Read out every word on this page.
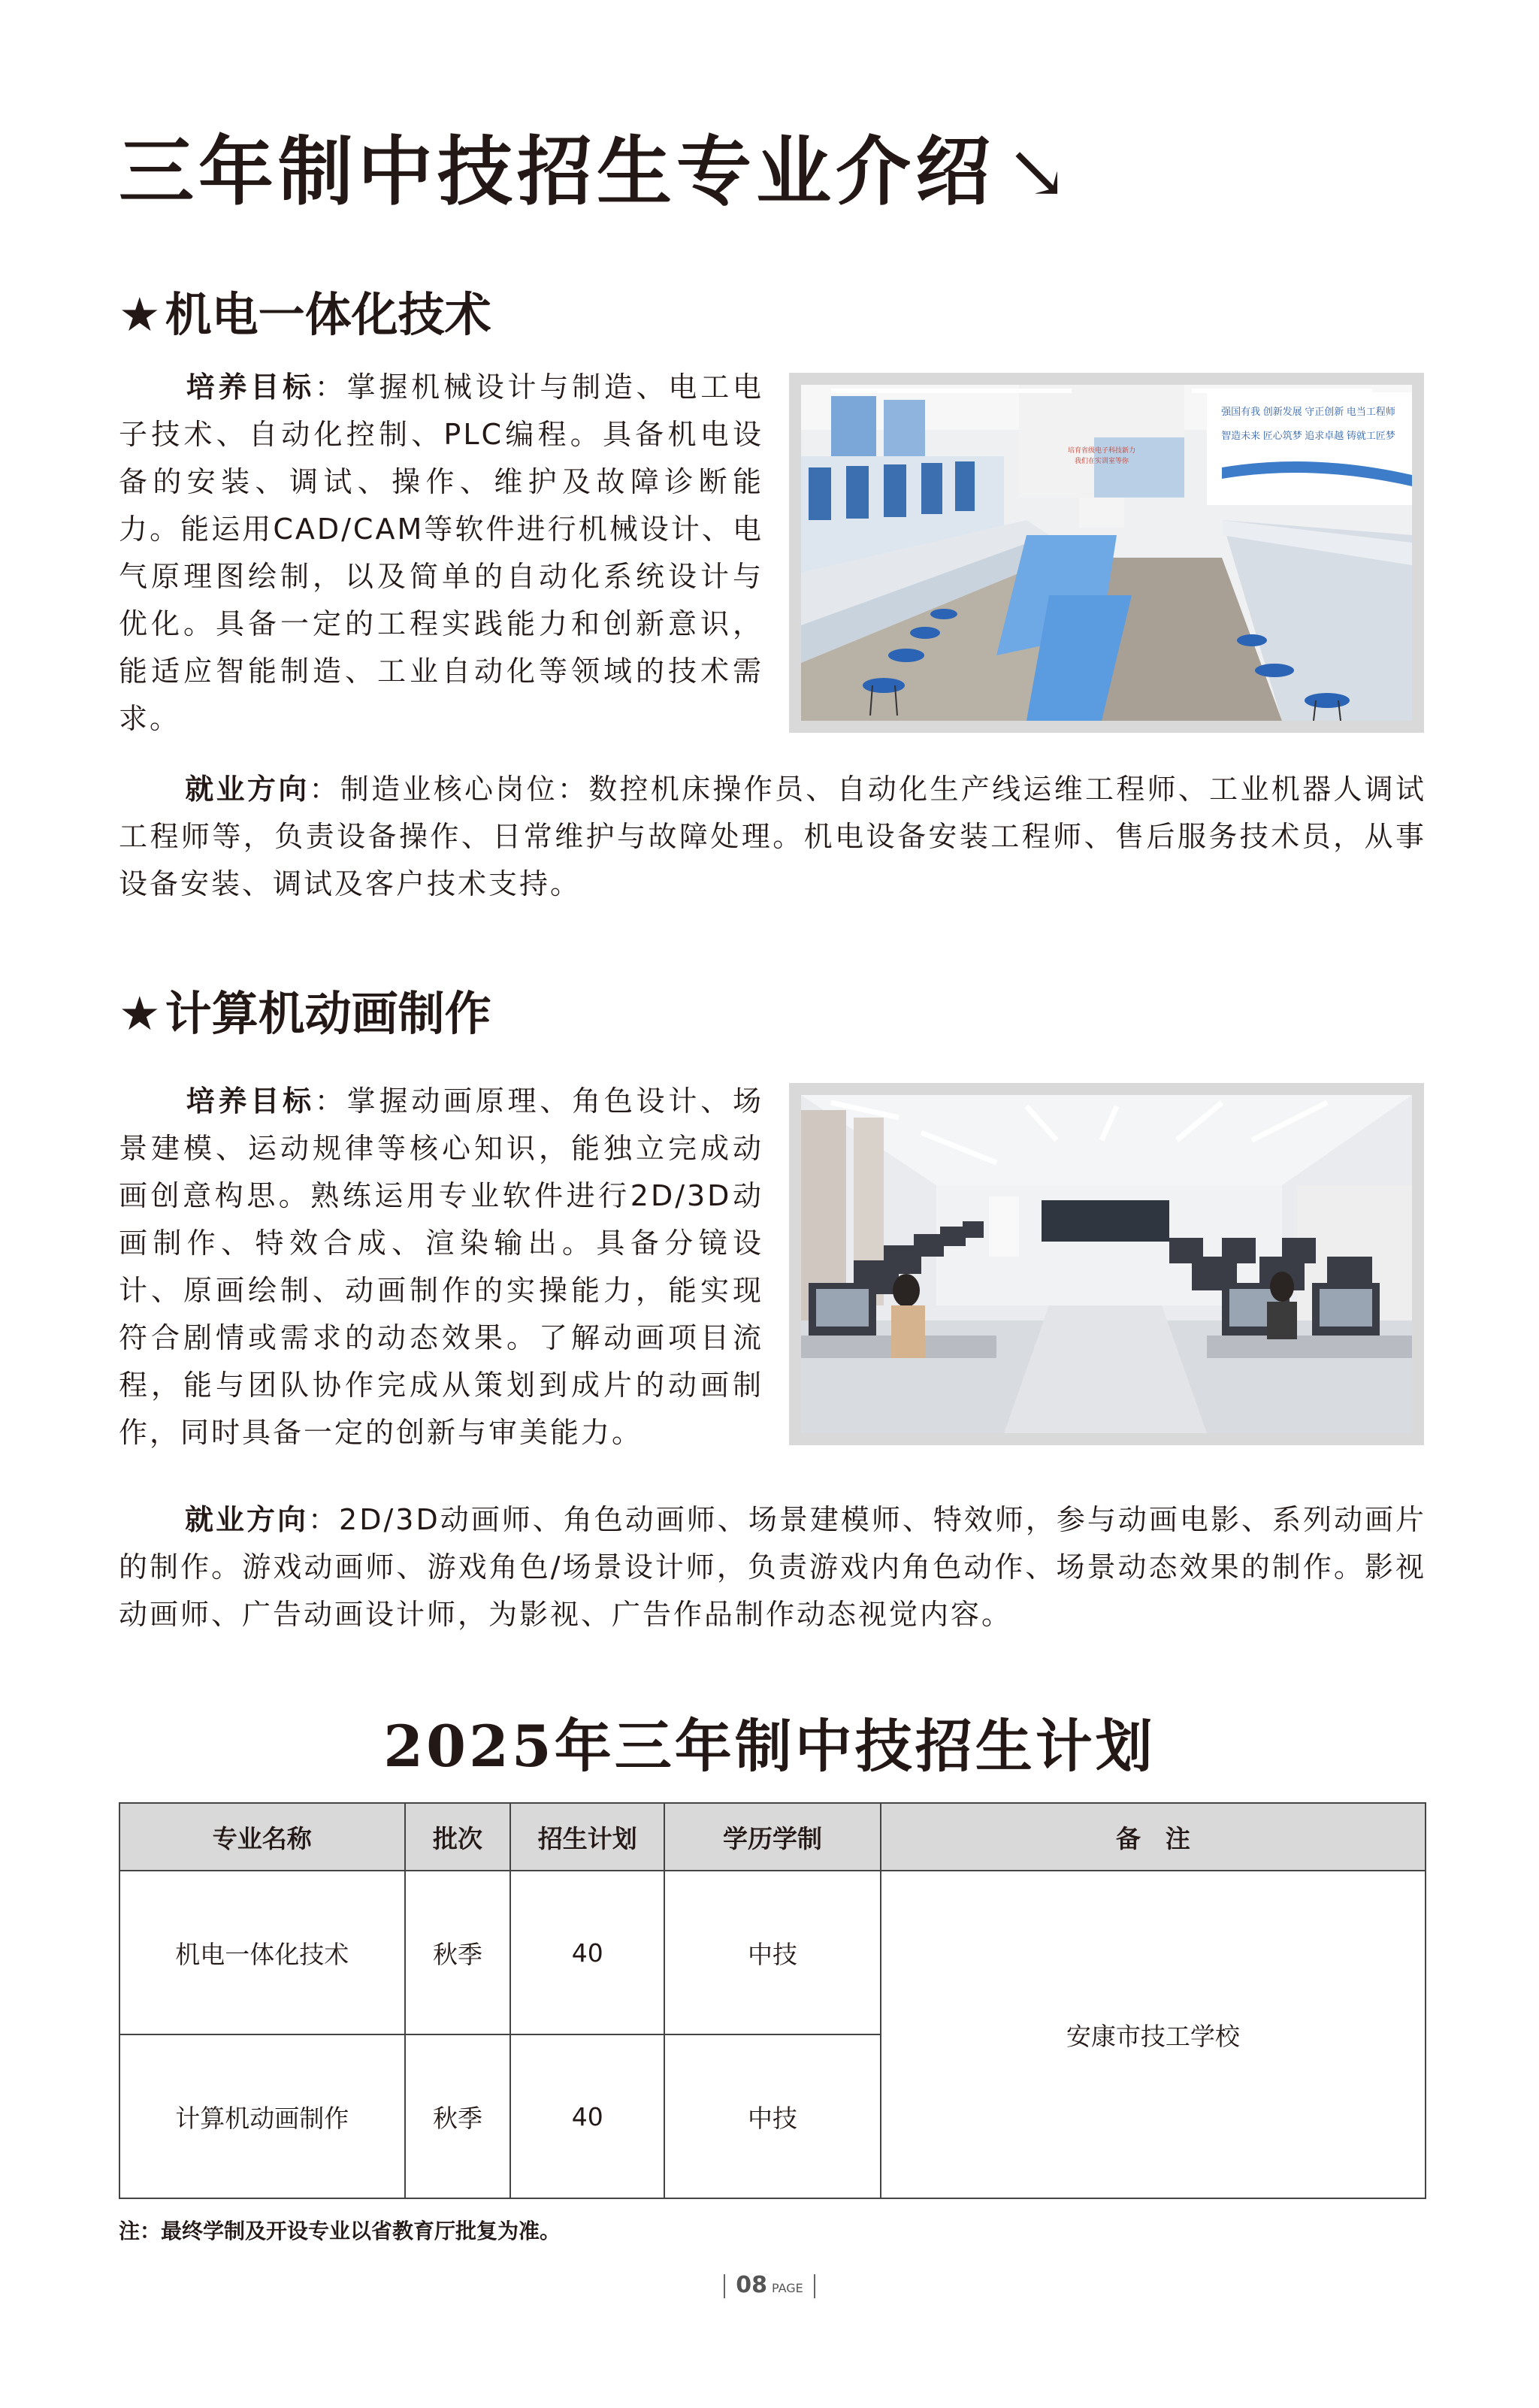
三年制中技招生专业介绍 ↘
★机电一体化技术
培养目标：掌握机械设计与制造、电工电子技术、自动化控制、PLC编程。具备机电设备的安装、调试、操作、维护及故障诊断能力。能运用CAD/CAM等软件进行机械设计、电气原理图绘制，以及简单的自动化系统设计与优化。具备一定的工程实践能力和创新意识，能适应智能制造、工业自动化等领域的技术需求。
强国有我 创新发展 守正创新 电当工程师
智造未来 匠心筑梦 追求卓越 铸就工匠梦
培育省级电子科技新力
我们在实训室等你
就业方向：制造业核心岗位：数控机床操作员、自动化生产线运维工程师、工业机器人调试工程师等，负责设备操作、日常维护与故障处理。机电设备安装工程师、售后服务技术员，从事设备安装、调试及客户技术支持。
★计算机动画制作
培养目标：掌握动画原理、角色设计、场景建模、运动规律等核心知识，能独立完成动画创意构思。熟练运用专业软件进行2D/3D动画制作、特效合成、渲染输出。具备分镜设计、原画绘制、动画制作的实操能力，能实现符合剧情或需求的动态效果。了解动画项目流程，能与团队协作完成从策划到成片的动画制作，同时具备一定的创新与审美能力。
就业方向：2D/3D动画师、角色动画师、场景建模师、特效师，参与动画电影、系列动画片的制作。游戏动画师、游戏角色/场景设计师，负责游戏内角色动作、场景动态效果的制作。影视动画师、广告动画设计师，为影视、广告作品制作动态视觉内容。
2025年三年制中技招生计划
专业名称	批次	招生计划	学历学制	备　注
机电一体化技术	秋季	40	中技	安康市技工学校
计算机动画制作	秋季	40	中技	
注：最终学制及开设专业以省教育厅批复为准。
08 PAGE
